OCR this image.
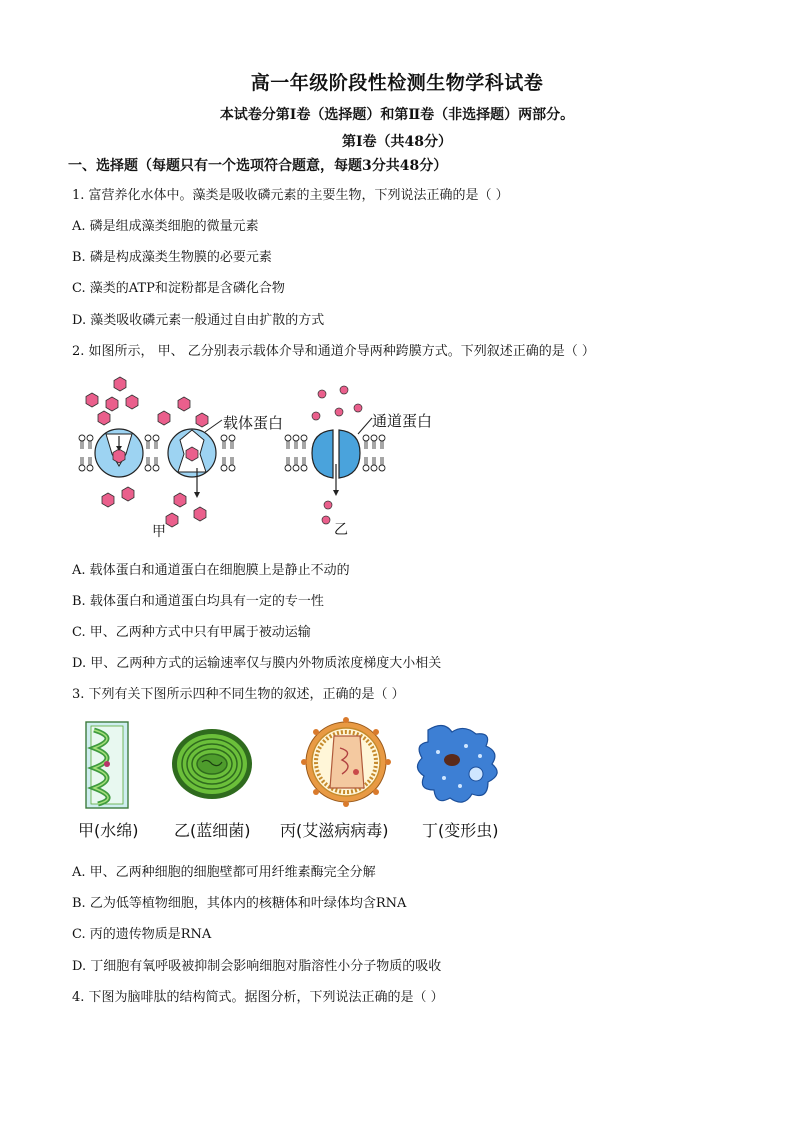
高一年级阶段性检测生物学科试卷
本试卷分第Ⅰ卷（选择题）和第Ⅱ卷（非选择题）两部分。
第Ⅰ卷（共48分）
一、选择题（每题只有一个选项符合题意，每题3分共48分）
1. 富营养化水体中。藻类是吸收磷元素的主要生物，下列说法正确的是（ ）
A. 磷是组成藻类细胞的微量元素
B. 磷是构成藻类生物膜的必要元素
C. 藻类的ATP和淀粉都是含磷化合物
D. 藻类吸收磷元素一般通过自由扩散的方式
2. 如图所示， 甲、 乙分别表示载体介导和通道介导两种跨膜方式。下列叙述正确的是（ ）
载体蛋白
甲
通道蛋白
乙
A. 载体蛋白和通道蛋白在细胞膜上是静止不动的
B. 载体蛋白和通道蛋白均具有一定的专一性
C. 甲、乙两种方式中只有甲属于被动运输
D. 甲、乙两种方式的运输速率仅与膜内外物质浓度梯度大小相关
3. 下列有关下图所示四种不同生物的叙述，正确的是（ ）
甲(水绵) 乙(蓝细菌) 丙(艾滋病病毒) 丁(变形虫)
A. 甲、乙两种细胞的细胞壁都可用纤维素酶完全分解
B. 乙为低等植物细胞，其体内的核糖体和叶绿体均含RNA
C. 丙的遗传物质是RNA
D. 丁细胞有氧呼吸被抑制会影响细胞对脂溶性小分子物质的吸收
4. 下图为脑啡肽的结构简式。据图分析，下列说法正确的是（ ）
